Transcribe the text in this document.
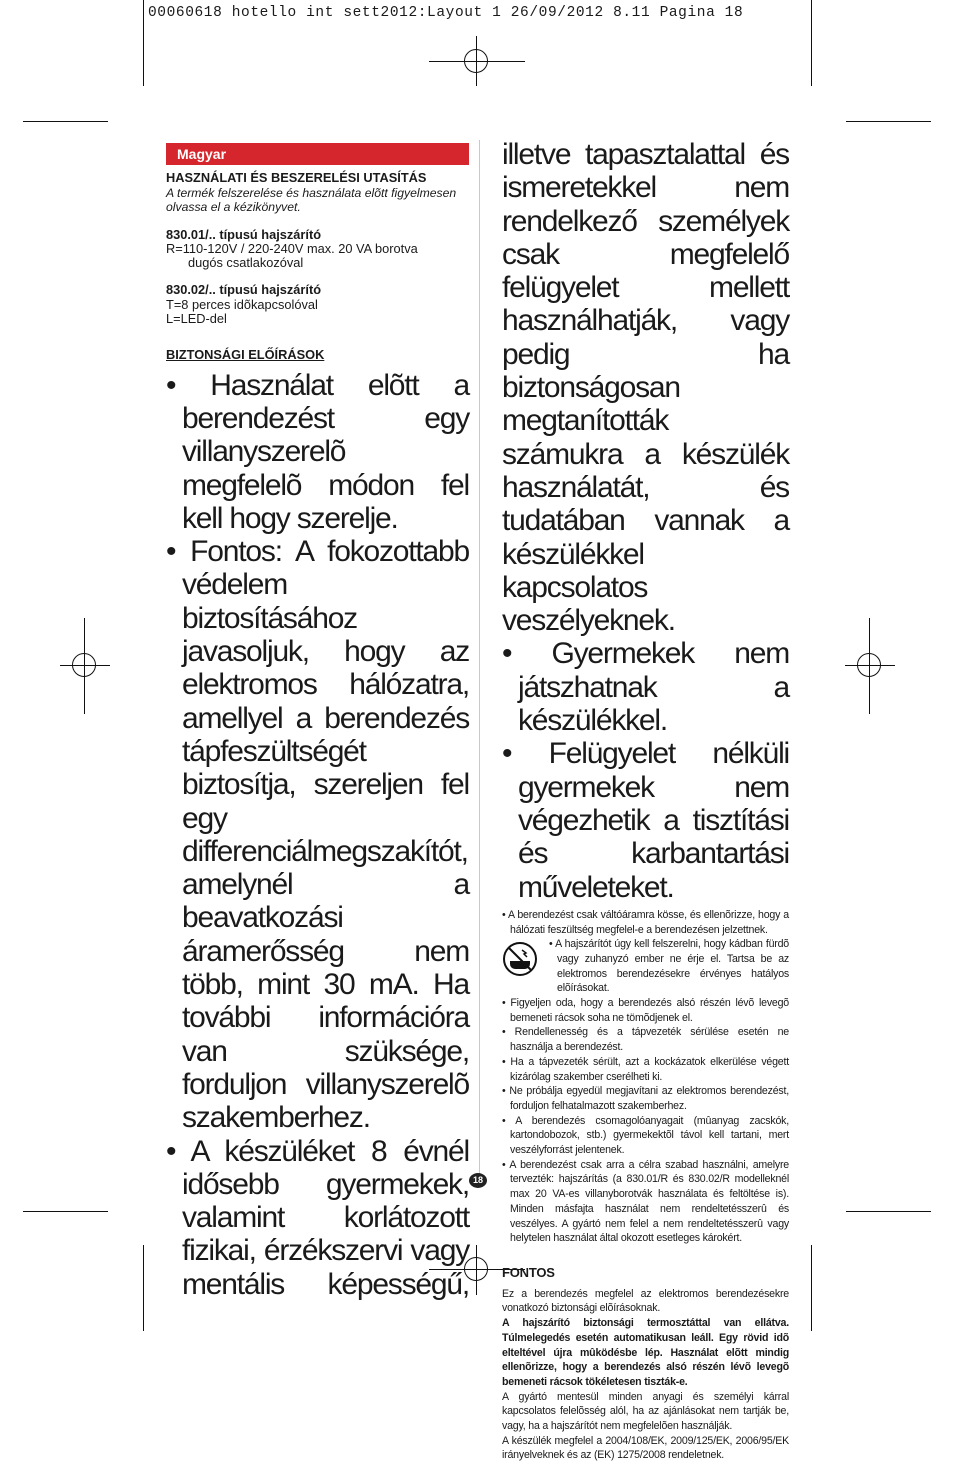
00060618 hotello int sett2012:Layout 1 26/09/2012 8.11 Pagina 18
Magyar
HASZNÁLATI ÉS BESZERELÉSI UTASÍTÁS
A termék felszerelése és használata elõtt figyelmesen olvassa el a kézikönyvet.
830.01/.. típusú hajszárító
R=110-120V / 220-240V max. 20 VA borotva
dugós csatlakozóval
830.02/.. típusú hajszárító
T=8 perces idõkapcsolóval
L=LED-del
BIZTONSÁGI ELŐÍRÁSOK
• Használat elõtt a berendezést egy villanyszerelõ megfelelõ módon fel kell hogy szerelje.
• Fontos: A fokozottabb védelem biztosításához javasoljuk, hogy az elektromos hálózatra, amellyel a berendezés tápfeszültségét biztosítja, szereljen fel egy differenciálmegszakítót, amelynél a beavatkozási áramerősség nem több, mint 30 mA. Ha további információra van szüksége, forduljon villanyszerelõ szakemberhez.
• A készüléket 8 évnél idősebb gyermekek, valamint korlátozott fizikai, érzékszervi vagy mentális képességű,
illetve tapasztalattal és ismeretekkel nem rendelkező személyek csak megfelelő felügyelet mellett használhatják, vagy pedig ha biztonságosan megtanították számukra a készülék használatát, és tudatában vannak a készülékkel kapcsolatos veszélyeknek.
• Gyermekek nem játszhatnak a készülékkel.
• Felügyelet nélküli gyermekek nem végezhetik a tisztítási és karbantartási műveleteket.
• A berendezést csak váltóáramra kösse, és ellenõrizze, hogy a hálózati feszültség megfelel-e a berendezésen jelzettnek.
• A hajszárítót úgy kell felszerelni, hogy kádban fürdõ vagy zuhanyzó ember ne érje el. Tartsa be az elektromos berendezésekre érvényes hatályos elõírásokat.
• Figyeljen oda, hogy a berendezés alsó részén lévõ levegõ bemeneti rácsok soha ne tömõdjenek el.
• Rendellenesség és a tápvezeték sérülése esetén ne használja a berendezést.
• Ha a tápvezeték sérült, azt a kockázatok elkerülése végett kizárólag szakember cserélheti ki.
• Ne próbálja egyedül megjavítani az elektromos berendezést, forduljon felhatalmazott szakemberhez.
• A berendezés csomagolóanyagait (mûanyag zacskók, kartondobozok, stb.) gyermekektõl távol kell tartani, mert veszélyforrást jelentenek.
• A berendezést csak arra a célra szabad használni, amelyre tervezték: hajszárítás (a 830.01/R és 830.02/R modelleknél max 20 VA-es villanyborotvák használata és feltöltése is). Minden másfajta használat nem rendeltetésszerû és veszélyes. A gyártó nem felel a nem rendeltetésszerû vagy helytelen használat által okozott esetleges károkért.
FONTOS
Ez a berendezés megfelel az elektromos berendezésekre vonatkozó biztonsági elõírásoknak.
A hajszárító biztonsági termosztáttal van ellátva. Túlmelegedés esetén automatikusan leáll. Egy rövid idõ elteltével újra mûködésbe lép. Használat elõtt mindig ellenõrizze, hogy a berendezés alsó részén lévõ levegõ bemeneti rácsok tökéletesen tiszták-e.
A gyártó mentesül minden anyagi és személyi kárral kapcsolatos felelõsség alól, ha az ajánlásokat nem tartják be, vagy, ha a hajszárítót nem megfelelõen használják.
A készülék megfelel a 2004/108/EK, 2009/125/EK, 2006/95/EK irányelveknek és az (EK) 1275/2008 rendeletnek.
18
